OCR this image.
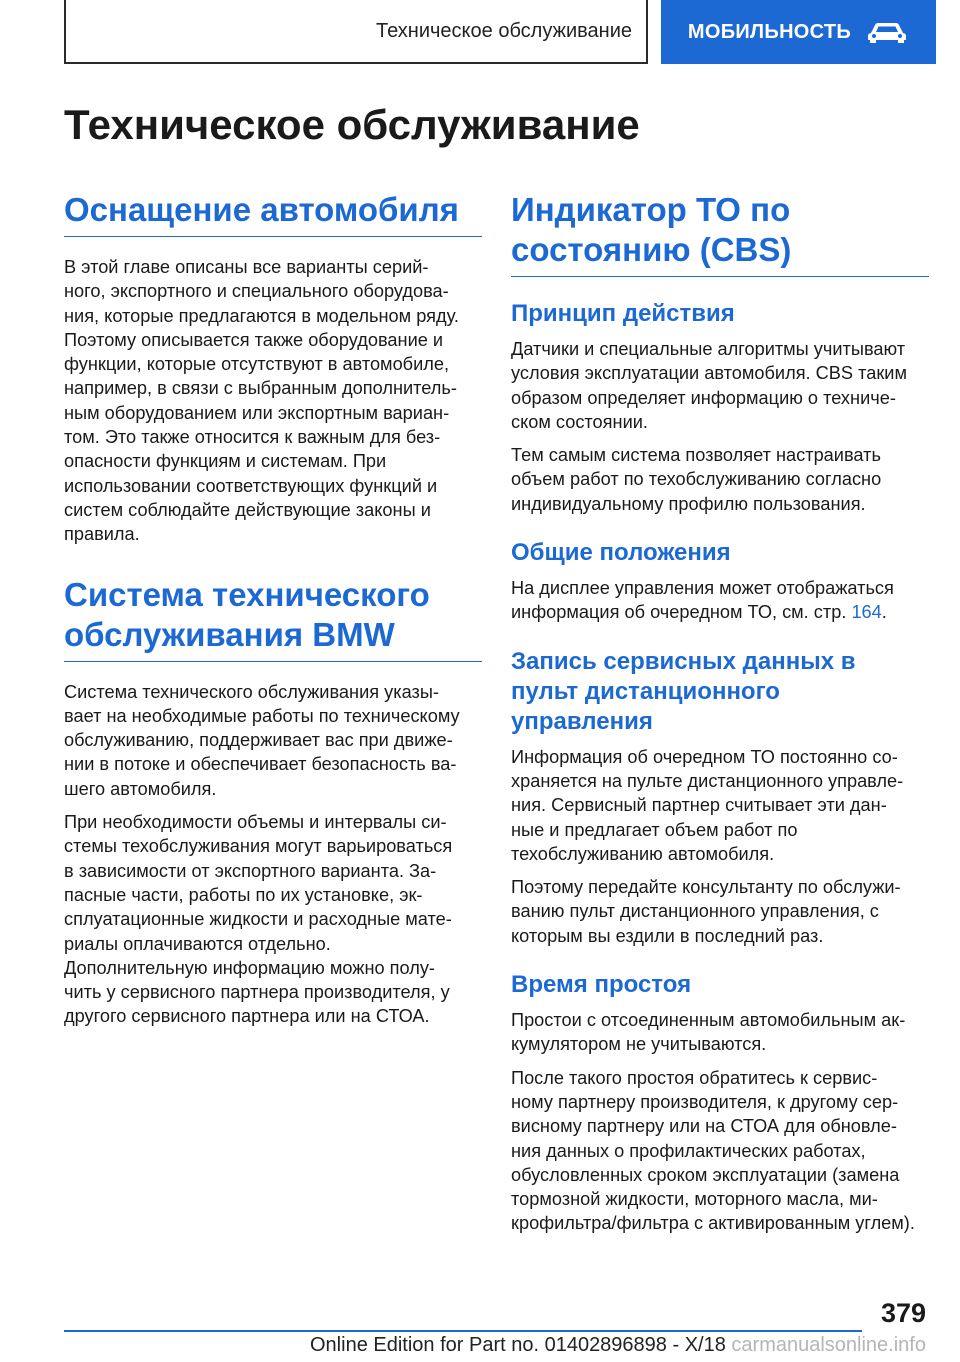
Техническое обслуживание	МОБИЛЬНОСТЬ
Техническое обслуживание
Оснащение автомобиля

В этой главе описаны все варианты серий-
ного, экспортного и специального оборудова-
ния, которые предлагаются в модельном ряду.
Поэтому описывается также оборудование и
функции, которые отсутствуют в автомобиле,
например, в связи с выбранным дополнитель-
ным оборудованием или экспортным вариан-
том. Это также относится к важным для без-
опасности функциям и системам. При
использовании соответствующих функций и
систем соблюдайте действующие законы и
правила.

Система технического
обслуживания BMW

Система технического обслуживания указы-
вает на необходимые работы по техническому
обслуживанию, поддерживает вас при движе-
нии в потоке и обеспечивает безопасность ва-
шего автомобиля.

При необходимости объемы и интервалы си-
стемы техобслуживания могут варьироваться
в зависимости от экспортного варианта. За-
пасные части, работы по их установке, эк-
сплуатационные жидкости и расходные мате-
риалы оплачиваются отдельно.
Дополнительную информацию можно полу-
чить у сервисного партнера производителя, у
другого сервисного партнера или на СТОА.

Индикатор ТО по
состоянию (CBS)
Принцип действия

Датчики и специальные алгоритмы учитывают
условия эксплуатации автомобиля. CBS таким
образом определяет информацию о техниче-
ском состоянии.

Тем самым система позволяет настраивать
объем работ по техобслуживанию согласно
индивидуальному профилю пользования.

Общие положения

На дисплее управления может отображаться
информация об очередном ТО, см. стр. 164.

Запись сервисных данных в
пульт дистанционного
управления

Информация об очередном ТО постоянно со-
храняется на пульте дистанционного управле-
ния. Сервисный партнер считывает эти дан-
ные и предлагает объем работ по
техобслуживанию автомобиля.

Поэтому передайте консультанту по обслужи-
ванию пульт дистанционного управления, с
которым вы ездили в последний раз.

Время простоя

Простои с отсоединенным автомобильным ак-
кумулятором не учитываются.

После такого простоя обратитесь к сервис-
ному партнеру производителя, к другому сер-
висному партнеру или на СТОА для обновле-
ния данных о профилактических работах,
обусловленных сроком эксплуатации (замена
тормозной жидкости, моторного масла, ми-
крофильтра/фильтра с активированным углем).

379
Online Edition for Part no. 01402896898 - X/18 carmanualsonline.info
